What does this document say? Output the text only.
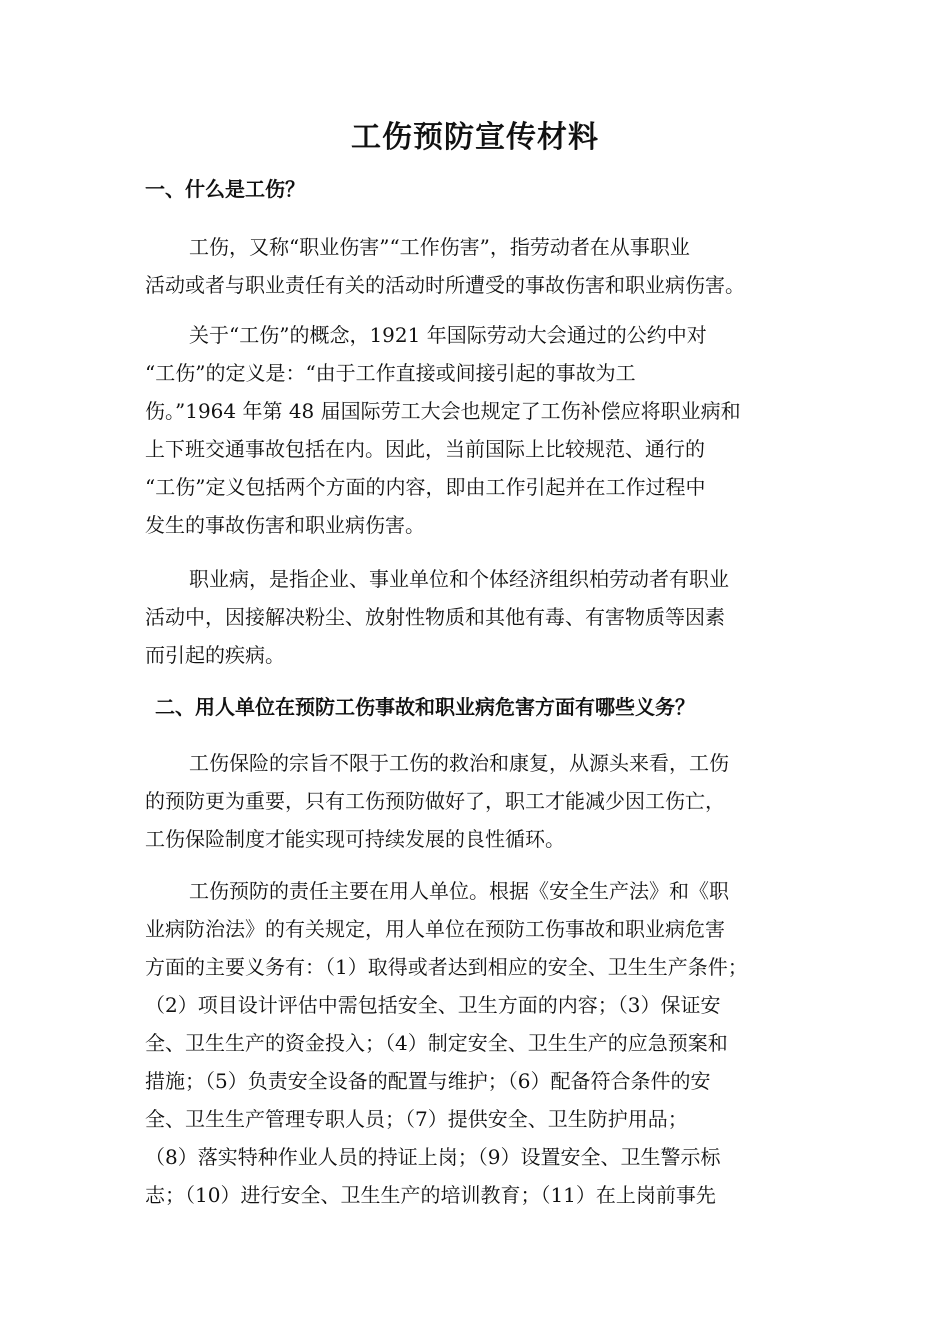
工伤预防宣传材料
一、什么是工伤？
工伤，又称“职业伤害”“工作伤害”，指劳动者在从事职业
活动或者与职业责任有关的活动时所遭受的事故伤害和职业病伤害。
关于“工伤”的概念，1921 年国际劳动大会通过的公约中对
“工伤”的定义是：“由于工作直接或间接引起的事故为工
伤。”1964 年第 48 届国际劳工大会也规定了工伤补偿应将职业病和
上下班交通事故包括在内。因此，当前国际上比较规范、通行的
“工伤”定义包括两个方面的内容，即由工作引起并在工作过程中
发生的事故伤害和职业病伤害。
职业病，是指企业、事业单位和个体经济组织柏劳动者有职业
活动中，因接解决粉尘、放射性物质和其他有毒、有害物质等因素
而引起的疾病。
二、用人单位在预防工伤事故和职业病危害方面有哪些义务？
工伤保险的宗旨不限于工伤的救治和康复，从源头来看，工伤
的预防更为重要，只有工伤预防做好了，职工才能减少因工伤亡，
工伤保险制度才能实现可持续发展的良性循环。
工伤预防的责任主要在用人单位。根据《安全生产法》和《职
业病防治法》的有关规定，用人单位在预防工伤事故和职业病危害
方面的主要义务有：（1）取得或者达到相应的安全、卫生生产条件；
（2）项目设计评估中需包括安全、卫生方面的内容；（3）保证安
全、卫生生产的资金投入；（4）制定安全、卫生生产的应急预案和
措施；（5）负责安全设备的配置与维护；（6）配备符合条件的安
全、卫生生产管理专职人员；（7）提供安全、卫生防护用品；
（8）落实特种作业人员的持证上岗；（9）设置安全、卫生警示标
志；（10）进行安全、卫生生产的培训教育；（11）在上岗前事先
